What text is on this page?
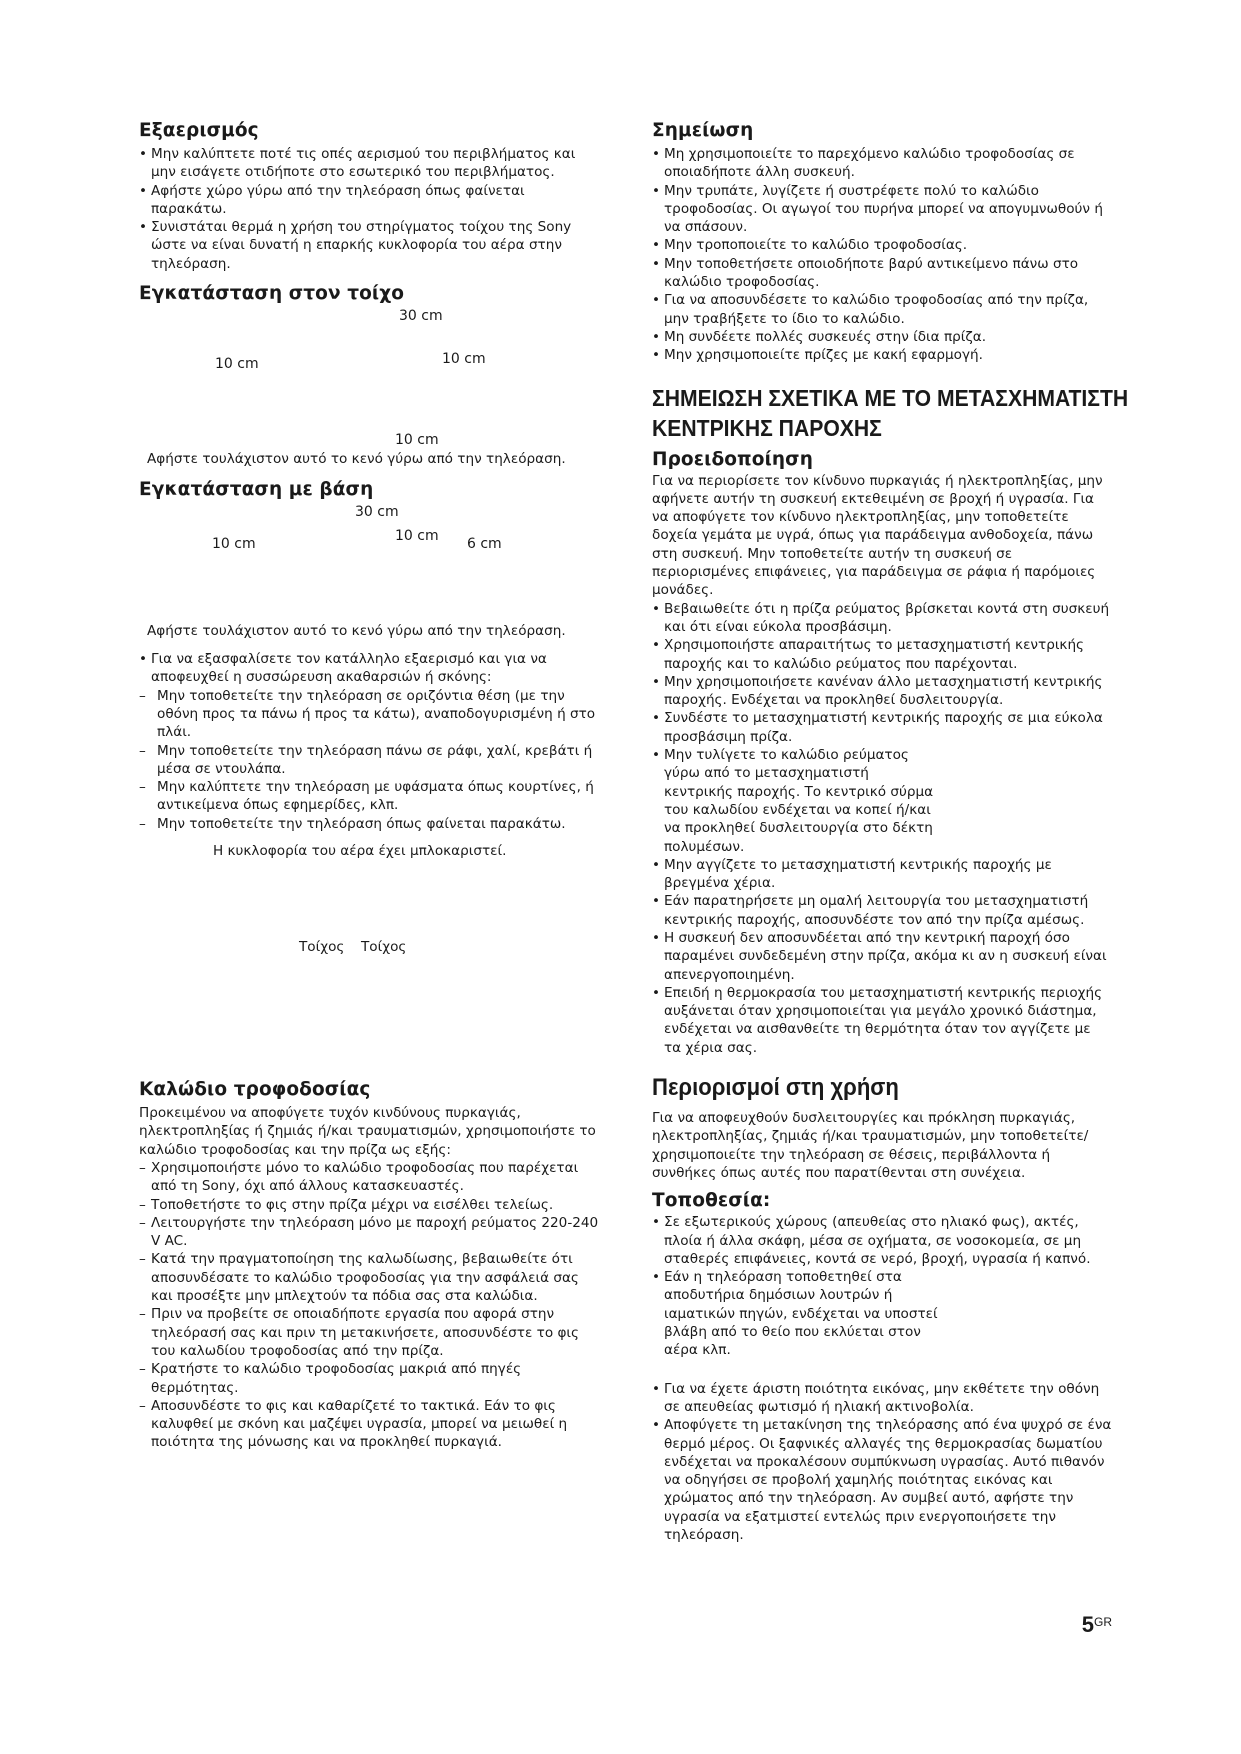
Εξαερισμός
• Μην καλύπτετε ποτέ τις οπές αερισμού του περιβλήματος και μην εισάγετε οτιδήποτε στο εσωτερικό του περιβλήματος.
• Αφήστε χώρο γύρω από την τηλεόραση όπως φαίνεται παρακάτω.
• Συνιστάται θερμά η χρήση του στηρίγματος τοίχου της Sony ώστε να είναι δυνατή η επαρκής κυκλοφορία του αέρα στην τηλεόραση.
Εγκατάσταση στον τοίχο
30 cm
10 cm	10 cm
10 cm

Αφήστε τουλάχιστον αυτό το κενό γύρω από την τηλεόραση.

Εγκατάσταση με βάση
30 cm
10 cm	10 cm 6 cm

Αφήστε τουλάχιστον αυτό το κενό γύρω από την τηλεόραση.

• Για να εξασφαλίσετε τον κατάλληλο εξαερισμό και για να αποφευχθεί η συσσώρευση ακαθαρσιών ή σκόνης:
– Μην τοποθετείτε την τηλεόραση σε οριζόντια θέση (με την οθόνη προς τα πάνω ή προς τα κάτω), αναποδογυρισμένη ή στο πλάι.
– Μην τοποθετείτε την τηλεόραση πάνω σε ράφι, χαλί, κρεβάτι ή μέσα σε ντουλάπα.
– Μην καλύπτετε την τηλεόραση με υφάσματα όπως κουρτίνες, ή αντικείμενα όπως εφημερίδες, κλπ.
– Μην τοποθετείτε την τηλεόραση όπως φαίνεται παρακάτω.
Η κυκλοφορία του αέρα έχει μπλοκαριστεί.
Τοίχος Τοίχος
Καλώδιο τροφοδοσίας

Προκειμένου να αποφύγετε τυχόν κινδύνους πυρκαγιάς, ηλεκτροπληξίας ή ζημιάς ή/και τραυματισμών, χρησιμοποιήστε το καλώδιο τροφοδοσίας και την πρίζα ως εξής:

– Χρησιμοποιήστε μόνο το καλώδιο τροφοδοσίας που παρέχεται από τη Sony, όχι από άλλους κατασκευαστές.
– Τοποθετήστε το φις στην πρίζα μέχρι να εισέλθει τελείως.
– Λειτουργήστε την τηλεόραση μόνο με παροχή ρεύματος 220-240 V AC.
– Κατά την πραγματοποίηση της καλωδίωσης, βεβαιωθείτε ότι αποσυνδέσατε το καλώδιο τροφοδοσίας για την ασφάλειά σας και προσέξτε μην μπλεχτούν τα πόδια σας στα καλώδια.
– Πριν να προβείτε σε οποιαδήποτε εργασία που αφορά στην τηλεόρασή σας και πριν τη μετακινήσετε, αποσυνδέστε το φις του καλωδίου τροφοδοσίας από την πρίζα.
– Κρατήστε το καλώδιο τροφοδοσίας μακριά από πηγές θερμότητας.
– Αποσυνδέστε το φις και καθαρίζετέ το τακτικά. Εάν το φις καλυφθεί με σκόνη και μαζέψει υγρασία, μπορεί να μειωθεί η ποιότητα της μόνωσης και να προκληθεί πυρκαγιά.
Σημείωση
• Μη χρησιμοποιείτε το παρεχόμενο καλώδιο τροφοδοσίας σε οποιαδήποτε άλλη συσκευή.
• Μην τρυπάτε, λυγίζετε ή συστρέφετε πολύ το καλώδιο τροφοδοσίας. Οι αγωγοί του πυρήνα μπορεί να απογυμνωθούν ή να σπάσουν.
• Μην τροποποιείτε το καλώδιο τροφοδοσίας.
• Μην τοποθετήσετε οποιοδήποτε βαρύ αντικείμενο πάνω στο καλώδιο τροφοδοσίας.
• Για να αποσυνδέσετε το καλώδιο τροφοδοσίας από την πρίζα, μην τραβήξετε το ίδιο το καλώδιο.
• Μη συνδέετε πολλές συσκευές στην ίδια πρίζα.
• Μην χρησιμοποιείτε πρίζες με κακή εφαρμογή.
ΣΗΜΕΙΩΣΗ ΣΧΕΤΙΚΑ ΜΕ ΤΟ ΜΕΤΑΣΧΗΜΑΤΙΣΤΗ
ΚΕΝΤΡΙΚΗΣ ΠΑΡΟΧΗΣ
Προειδοποίηση

Για να περιορίσετε τον κίνδυνο πυρκαγιάς ή ηλεκτροπληξίας, μην αφήνετε αυτήν τη συσκευή εκτεθειμένη σε βροχή ή υγρασία. Για να αποφύγετε τον κίνδυνο ηλεκτροπληξίας, μην τοποθετείτε δοχεία γεμάτα με υγρά, όπως για παράδειγμα ανθοδοχεία, πάνω στη συσκευή. Μην τοποθετείτε αυτήν τη συσκευή σε περιορισμένες επιφάνειες, για παράδειγμα σε ράφια ή παρόμοιες μονάδες.

• Βεβαιωθείτε ότι η πρίζα ρεύματος βρίσκεται κοντά στη συσκευή και ότι είναι εύκολα προσβάσιμη.
• Χρησιμοποιήστε απαραιτήτως το μετασχηματιστή κεντρικής παροχής και το καλώδιο ρεύματος που παρέχονται.
• Μην χρησιμοποιήσετε κανέναν άλλο μετασχηματιστή κεντρικής παροχής. Ενδέχεται να προκληθεί δυσλειτουργία.
• Συνδέστε το μετασχηματιστή κεντρικής παροχής σε μια εύκολα προσβάσιμη πρίζα.
• Μην τυλίγετε το καλώδιο ρεύματος γύρω από το μετασχηματιστή κεντρικής παροχής. Το κεντρικό σύρμα του καλωδίου ενδέχεται να κοπεί ή/και να προκληθεί δυσλειτουργία στο δέκτη πολυμέσων.
• Μην αγγίζετε το μετασχηματιστή κεντρικής παροχής με βρεγμένα χέρια.
• Εάν παρατηρήσετε μη ομαλή λειτουργία του μετασχηματιστή κεντρικής παροχής, αποσυνδέστε τον από την πρίζα αμέσως.
• Η συσκευή δεν αποσυνδέεται από την κεντρική παροχή όσο παραμένει συνδεδεμένη στην πρίζα, ακόμα κι αν η συσκευή είναι απενεργοποιημένη.
• Επειδή η θερμοκρασία του μετασχηματιστή κεντρικής περιοχής αυξάνεται όταν χρησιμοποιείται για μεγάλο χρονικό διάστημα, ενδέχεται να αισθανθείτε τη θερμότητα όταν τον αγγίζετε με τα χέρια σας.
Περιορισμοί στη χρήση

Για να αποφευχθούν δυσλειτουργίες και πρόκληση πυρκαγιάς, ηλεκτροπληξίας, ζημιάς ή/και τραυματισμών, μην τοποθετείτε/χρησιμοποιείτε την τηλεόραση σε θέσεις, περιβάλλοντα ή συνθήκες όπως αυτές που παρατίθενται στη συνέχεια.

Τοποθεσία:
• Σε εξωτερικούς χώρους (απευθείας στο ηλιακό φως), ακτές, πλοία ή άλλα σκάφη, μέσα σε οχήματα, σε νοσοκομεία, σε μη σταθερές επιφάνειες, κοντά σε νερό, βροχή, υγρασία ή καπνό.
• Εάν η τηλεόραση τοποθετηθεί στα αποδυτήρια δημόσιων λουτρών ή ιαματικών πηγών, ενδέχεται να υποστεί βλάβη από το θείο που εκλύεται στον αέρα κλπ.
• Για να έχετε άριστη ποιότητα εικόνας, μην εκθέτετε την οθόνη σε απευθείας φωτισμό ή ηλιακή ακτινοβολία.
• Αποφύγετε τη μετακίνηση της τηλεόρασης από ένα ψυχρό σε ένα θερμό μέρος. Οι ξαφνικές αλλαγές της θερμοκρασίας δωματίου ενδέχεται να προκαλέσουν συμπύκνωση υγρασίας. Αυτό πιθανόν να οδηγήσει σε προβολή χαμηλής ποιότητας εικόνας και χρώματος από την τηλεόραση. Αν συμβεί αυτό, αφήστε την υγρασία να εξατμιστεί εντελώς πριν ενεργοποιήσετε την τηλεόραση.
$5^{GR}$
